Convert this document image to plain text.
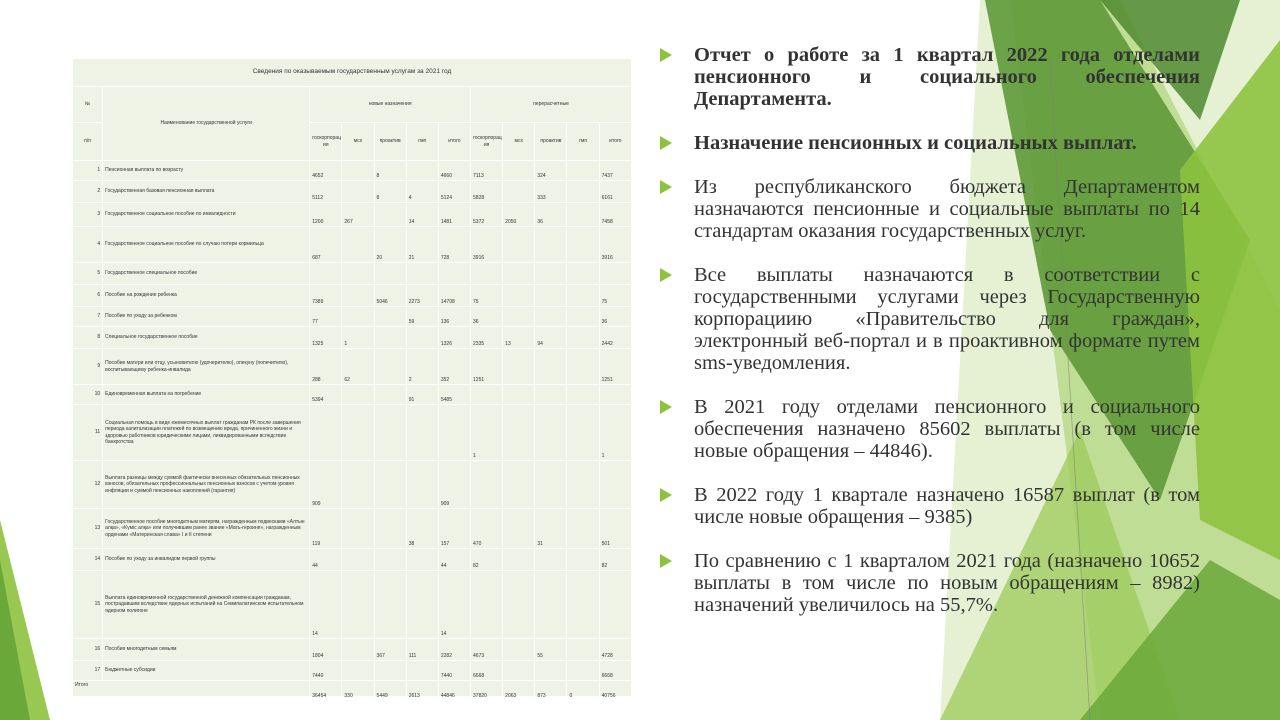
Сведения по оказываемым государственным услугам за 2021 год											
№	Наименование государственной услуги	новые назначения					перерасчетные				
п/п		госкорпорац ия	мсх	проактив	гмп	итого	госкорпорац ия	мсх	проактив	гмп	итого
1	Пенсионная выплата по возрасту	4652		8		4660	7113		324		7437
2	Государственная базовая пенсионная выплата	5112		8	4	5124	5828		333		6161
3	Государственное социальное пособие по инвалидности	1200	267		14	1481	5372	2050	36		7458
4	Государственное социальное пособие по случаю потери кормильца	687		20	21	728	3916				3916
5	Государственное специальное пособие										
6	Пособие на рождение ребенка	7389		5046	2273	14708	75				75
7	Пособие по уходу за ребенком	77			59	136	36				36
8	Специальное государственное пособие	1325	1			1326	2335	13	94		2442
9	Пособие матери или отцу, усыновителю (удочерителю), опекуну (попечителю), воспитывающему ребенка-инвалида	288	62		2	352	1251				1251
10	Единовременная выплата на погребение	5394			91	5485					
11	Социальная помощь в виде ежемесячных выплат гражданам РК после завершения периода капитализации платежей по возмещению вреда, причиненного жизни и здоровью работников юридическими лицами, ликвидированными вследствие банкротства						1				1
12	Выплата разницы между суммой фактически внесенных обязательных пенсионных взносов, обязательных профессиональных пенсионных взносов с учетом уровня инфляции и суммой пенсионных накоплений (гарантия)	909				909					
13	Государственное пособие многодетным матерям, награжденным подвесками «Алтын алқа», «Күміс алқа» или получившим ранее звание «Мать-героиня», награжденным орденами «Материнская слава» I и II степени	119			38	157	470		31		501
14	Пособие по уходу за инвалидом первой группы	44				44	82				82
15	Выплата единовременной государственной денежной компенсации гражданам, пострадавшим вследствие ядерных испытаний на Семипалатинском испытательном ядерном полигоне	14				14					
16	Пособия многодетным семьям	1804		367	111	2282	4673		55		4728
17	Бюджетные субсидии	7440				7440	6668				6668
Итого		36454	330	5449	2613	44846	37820	2063	873	0	40756
Отчет о работе за 1 квартал 2022 года отделами пенсионного и социального обеспечения Департамента.
Назначение пенсионных и социальных выплат.
Из республиканского бюджета Департаментом назначаются пенсионные и социальные выплаты по 14 стандартам оказания государственных услуг.
Все выплаты назначаются в соответствии с государственными услугами через Государственную корпорациию «Правительство для граждан», электронный веб-портал и в проактивном формате путем sms-уведомления.
В 2021 году отделами пенсионного и социального обеспечения назначено 85602 выплаты (в том числе новые обращения – 44846).
В 2022 году 1 квартале назначено 16587 выплат (в том числе новые обращения – 9385)
По сравнению с 1 кварталом 2021 года (назначено 10652 выплаты в том числе по новым обращениям – 8982) назначений увеличилось на 55,7%.
